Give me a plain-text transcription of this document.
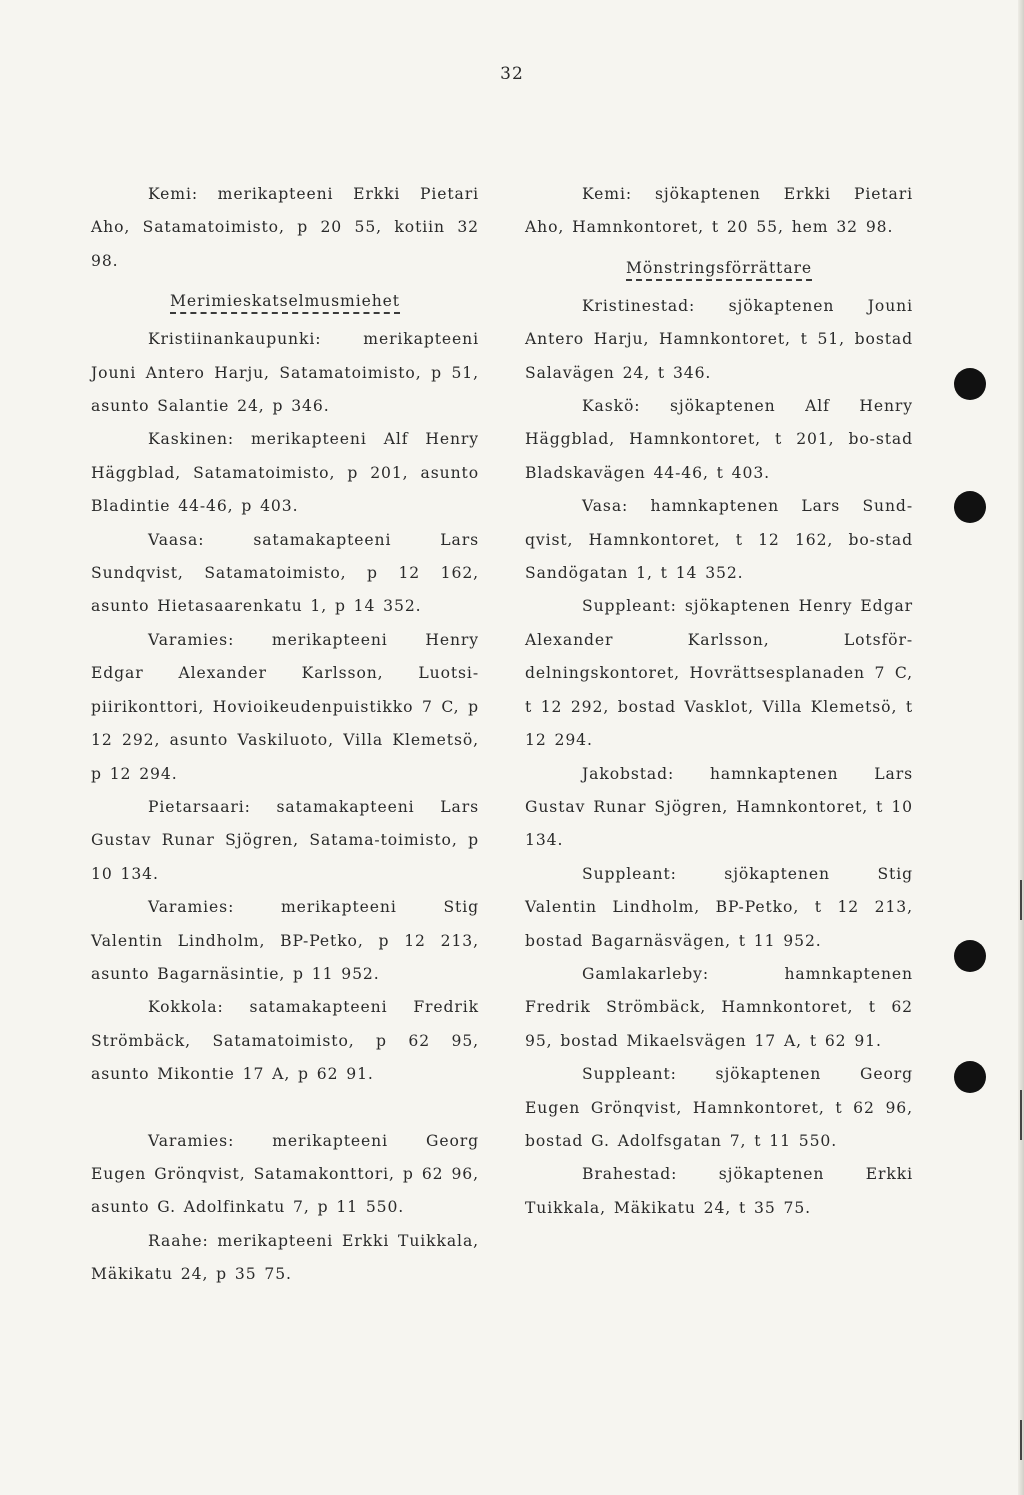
32

Kemi: merikapteeni Erkki Pietari Aho, Satamatoimisto, p 20 55, kotiin 32 98.

Merimieskatselmusmiehet

Kristiinankaupunki: merikapteeni Jouni Antero Harju, Satamatoimisto, p 51, asunto Salantie 24, p 346.

Kaskinen: merikapteeni Alf Henry Häggblad, Satamatoimisto, p 201, asunto Bladintie 44-46, p 403.

Vaasa: satamakapteeni Lars Sundqvist, Satamatoimisto, p 12 162, asunto Hietasaarenkatu 1, p 14 352.

Varamies: merikapteeni Henry Edgar Alexander Karlsson, Luotsi-piirikonttori, Hovioikeudenpuistikko 7 C, p 12 292, asunto Vaskiluoto, Villa Klemetsö, p 12 294.

Pietarsaari: satamakapteeni Lars Gustav Runar Sjögren, Satama-toimisto, p 10 134.

Varamies: merikapteeni Stig Valentin Lindholm, BP-Petko, p 12 213, asunto Bagarnäsintie, p 11 952.

Kokkola: satamakapteeni Fredrik Strömbäck, Satamatoimisto, p 62 95, asunto Mikontie 17 A, p 62 91.

Varamies: merikapteeni Georg Eugen Grönqvist, Satamakonttori, p 62 96, asunto G. Adolfinkatu 7, p 11 550.

Raahe: merikapteeni Erkki Tuikkala, Mäkikatu 24, p 35 75.

Kemi: sjökaptenen Erkki Pietari Aho, Hamnkontoret, t 20 55, hem 32 98.

Mönstringsförrättare

Kristinestad: sjökaptenen Jouni Antero Harju, Hamnkontoret, t 51, bostad Salavägen 24, t 346.

Kaskö: sjökaptenen Alf Henry Häggblad, Hamnkontoret, t 201, bo-stad Bladskavägen 44-46, t 403.

Vasa: hamnkaptenen Lars Sund-qvist, Hamnkontoret, t 12 162, bo-stad Sandögatan 1, t 14 352.

Suppleant: sjökaptenen Henry Edgar Alexander Karlsson, Lotsför-delningskontoret, Hovrättsesplanaden 7 C, t 12 292, bostad Vasklot, Villa Klemetsö, t 12 294.

Jakobstad: hamnkaptenen Lars Gustav Runar Sjögren, Hamnkontoret, t 10 134.

Suppleant: sjökaptenen Stig Valentin Lindholm, BP-Petko, t 12 213, bostad Bagarnäsvägen, t 11 952.

Gamlakarleby: hamnkaptenen Fredrik Strömbäck, Hamnkontoret, t 62 95, bostad Mikaelsvägen 17 A, t 62 91.

Suppleant: sjökaptenen Georg Eugen Grönqvist, Hamnkontoret, t 62 96, bostad G. Adolfsgatan 7, t 11 550.

Brahestad: sjökaptenen Erkki Tuikkala, Mäkikatu 24, t 35 75.
